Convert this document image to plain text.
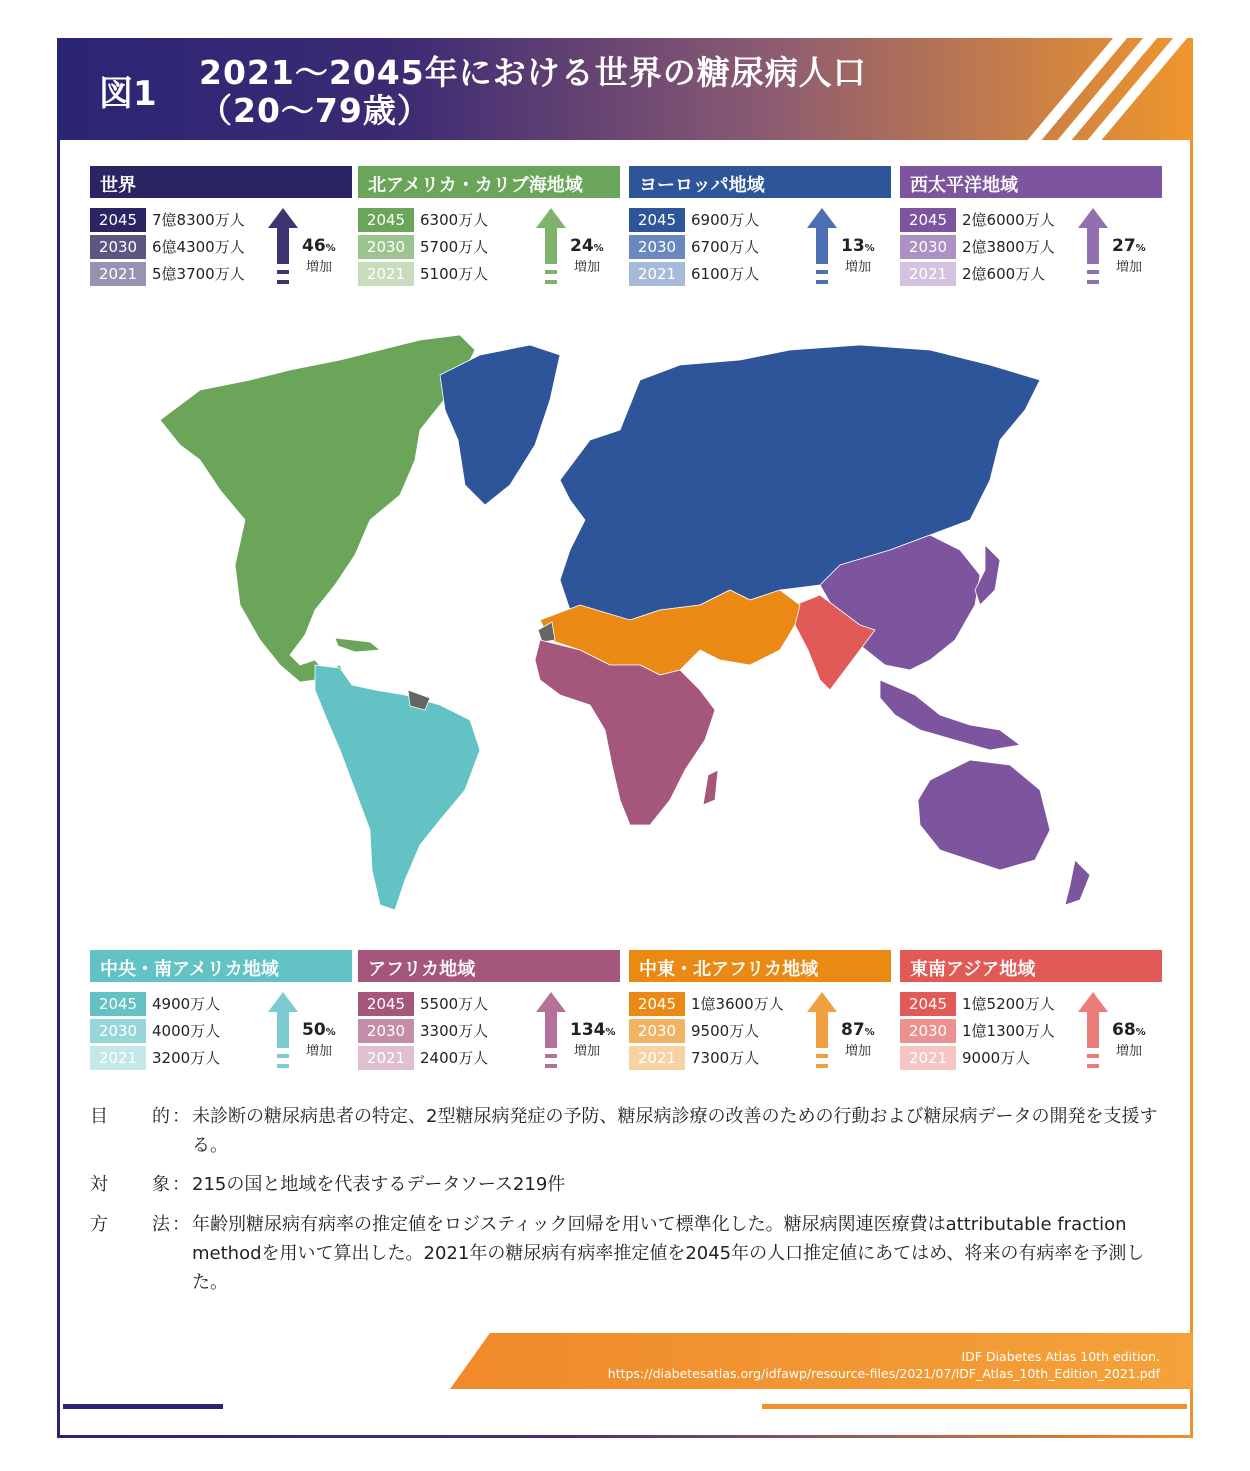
図1
2021～2045年における世界の糖尿病人口
（20～79歳）
世界
2045 7億8300万人
2030 6億4300万人
2021 5億3700万人
46%
増加
北アメリカ・カリブ海地域
2045 6300万人
2030 5700万人
2021 5100万人
24%
増加
ヨーロッパ地域
2045 6900万人
2030 6700万人
2021 6100万人
13%
増加
西太平洋地域
2045 2億6000万人
2030 2億3800万人
2021 2億600万人
27%
増加
中央・南アメリカ地域
2045 4900万人
2030 4000万人
2021 3200万人
50%
増加
アフリカ地域
2045 5500万人
2030 3300万人
2021 2400万人
134%
増加
中東・北アフリカ地域
2045 1億3600万人
2030 9500万人
2021 7300万人
87%
増加
東南アジア地域
2045 1億5200万人
2030 1億1300万人
2021 9000万人
68%
増加
目 的 ： 未診断の糖尿病患者の特定、2型糖尿病発症の予防、糖尿病診療の改善のための行動および糖尿病データの開発を支援する。
対 象 ： 215の国と地域を代表するデータソース219件
方 法 ： 年齢別糖尿病有病率の推定値をロジスティック回帰を用いて標準化した。糖尿病関連医療費はattributable fraction methodを用いて算出した。2021年の糖尿病有病率推定値を2045年の人口推定値にあてはめ、将来の有病率を予測した。
IDF Diabetes Atlas 10th edition.
https://diabetesatlas.org/idfawp/resource-files/2021/07/IDF_Atlas_10th_Edition_2021.pdf
